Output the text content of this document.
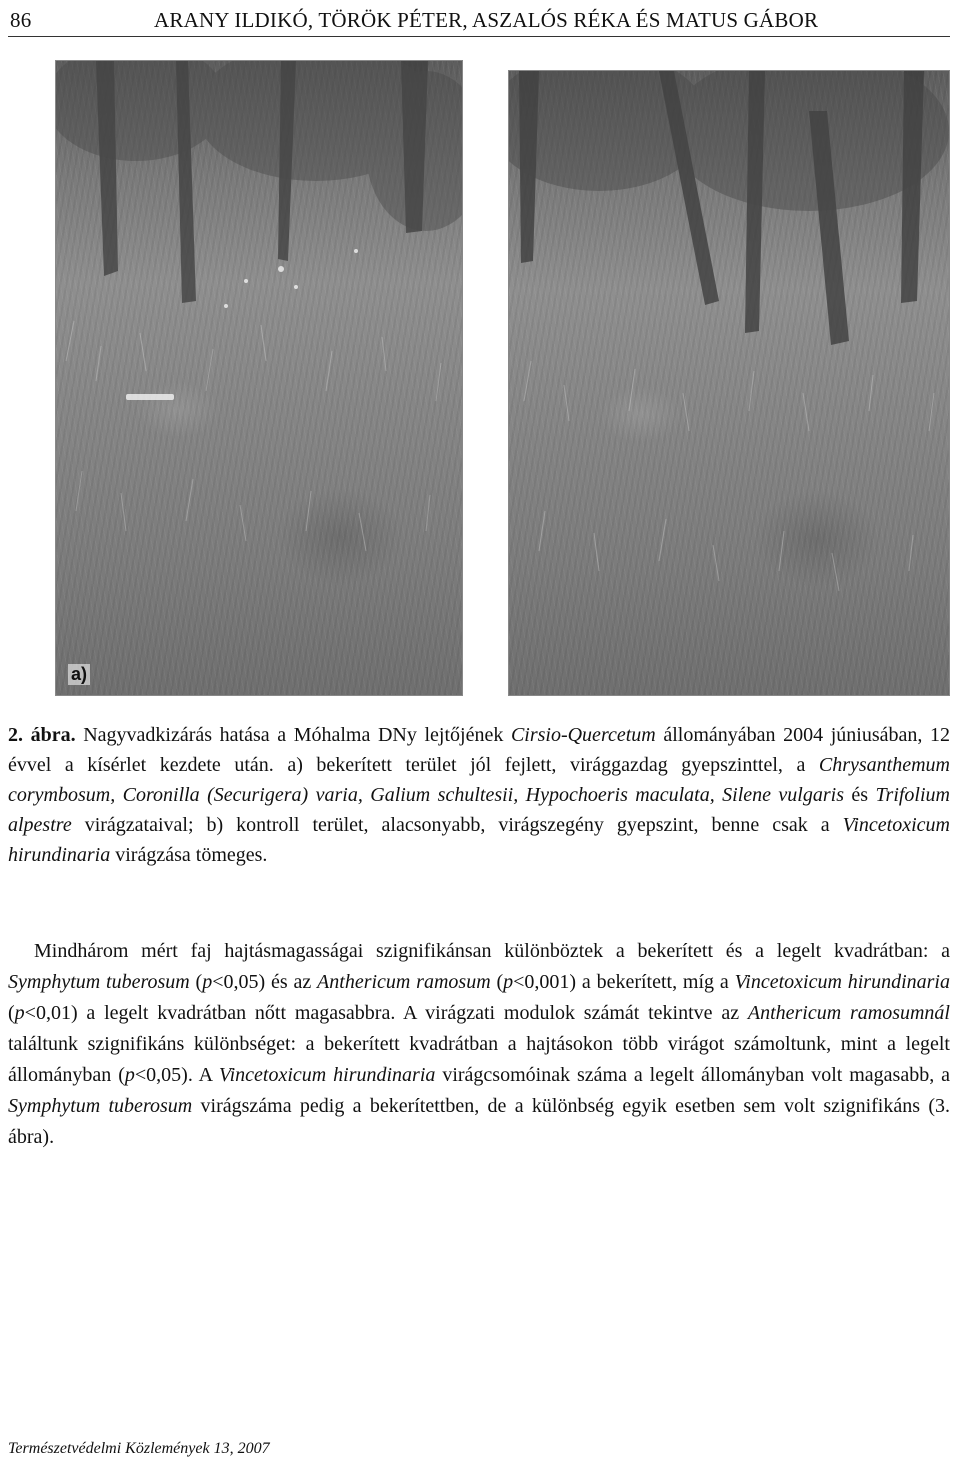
86	ARANY ILDIKÓ, TÖRÖK PÉTER, ASZALÓS RÉKA ÉS MATUS GÁBOR
a)
2. ábra. Nagyvadkizárás hatása a Móhalma DNy lejtőjének Cirsio-Quercetum állományában 2004 júniusában, 12 évvel a kísérlet kezdete után. a) bekerített terület jól fejlett, virággazdag gyepszinttel, a Chrysanthemum corymbosum, Coronilla (Securigera) varia, Galium schultesii, Hypochoeris maculata, Silene vulgaris és Trifolium alpestre virágzataival; b) kontroll terület, alacsonyabb, virágszegény gyepszint, benne csak a Vincetoxicum hirundinaria virágzása tömeges.
Mindhárom mért faj hajtásmagasságai szignifikánsan különböztek a bekerített és a legelt kvadrátban: a Symphytum tuberosum (p<0,05) és az Anthericum ramosum (p<0,001) a bekerített, míg a Vincetoxicum hirundinaria (p<0,01) a legelt kvadrátban nőtt magasabbra. A virágzati modulok számát tekintve az Anthericum ramosumnál találtunk szignifikáns különbséget: a bekerített kvadrátban a hajtásokon több virágot számoltunk, mint a legelt állományban (p<0,05). A Vincetoxicum hirundinaria virágcsomóinak száma a legelt állományban volt magasabb, a Symphytum tuberosum virágszáma pedig a bekerítettben, de a különbség egyik esetben sem volt szignifikáns (3. ábra).
Természetvédelmi Közlemények 13, 2007
